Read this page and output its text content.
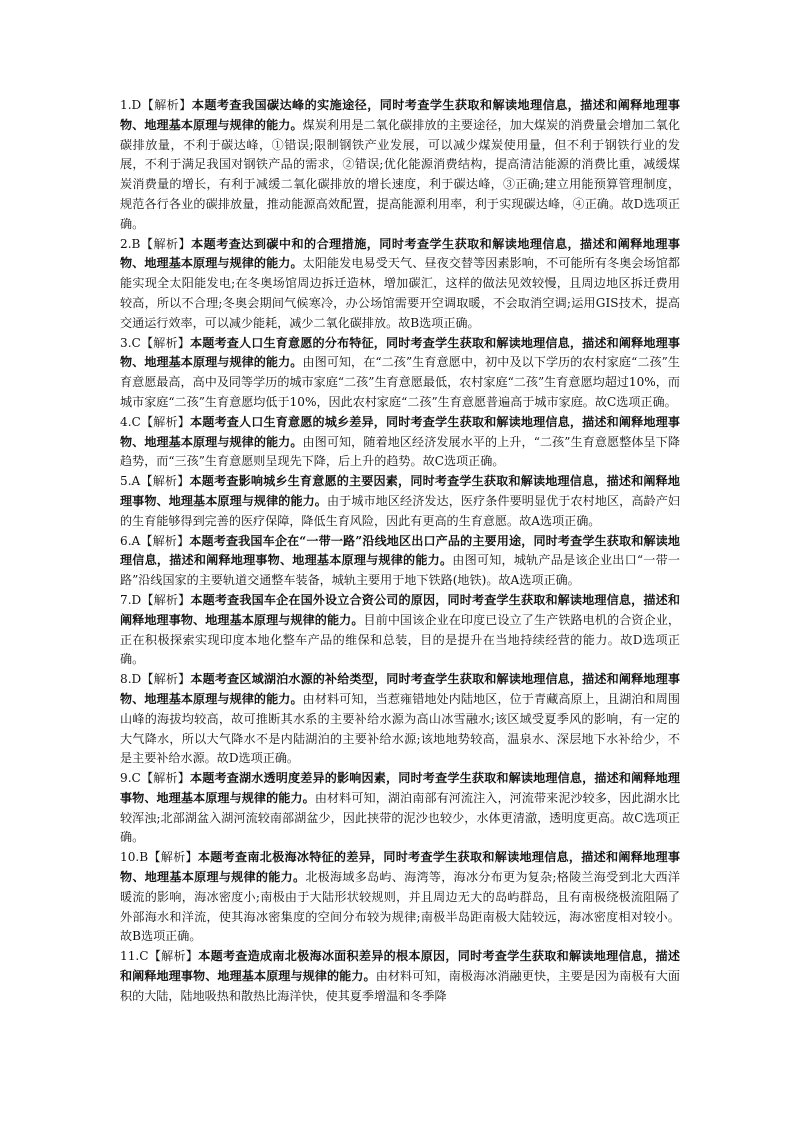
1.D【解析】本题考查我国碳达峰的实施途径，同时考查学生获取和解读地理信息，描述和阐释地理事物、地理基本原理与规律的能力。煤炭利用是二氧化碳排放的主要途径，加大煤炭的消费量会增加二氧化碳排放量，不利于碳达峰，①错误;限制钢铁产业发展，可以减少煤炭使用量，但不利于钢铁行业的发展，不利于满足我国对钢铁产品的需求，②错误;优化能源消费结构，提高清洁能源的消费比重，减缓煤炭消费量的增长，有利于减缓二氧化碳排放的增长速度，利于碳达峰，③正确;建立用能预算管理制度，规范各行各业的碳排放量，推动能源高效配置，提高能源利用率，利于实现碳达峰，④正确。故D选项正确。

2.B【解析】本题考查达到碳中和的合理措施，同时考查学生获取和解读地理信息，描述和阐释地理事物、地理基本原理与规律的能力。太阳能发电易受天气、昼夜交替等因素影响，不可能所有冬奥会场馆都能实现全太阳能发电;在冬奥场馆周边拆迁造林，增加碳汇，这样的做法见效较慢，且周边地区拆迁费用较高，所以不合理;冬奥会期间气候寒冷，办公场馆需要开空调取暖，不会取消空调;运用GIS技术，提高交通运行效率，可以减少能耗，减少二氧化碳排放。故B选项正确。

3.C【解析】本题考查人口生育意愿的分布特征，同时考查学生获取和解读地理信息，描述和阐释地理事物、地理基本原理与规律的能力。由图可知，在“二孩”生育意愿中，初中及以下学历的农村家庭“二孩”生育意愿最高，高中及同等学历的城市家庭“二孩”生育意愿最低，农村家庭“二孩”生育意愿均超过10%，而城市家庭“二孩”生育意愿均低于10%，因此农村家庭“二孩”生育意愿普遍高于城市家庭。故C选项正确。

4.C【解析】本题考查人口生育意愿的城乡差异，同时考查学生获取和解读地理信息，描述和阐释地理事物、地理基本原理与规律的能力。由图可知，随着地区经济发展水平的上升，“二孩”生育意愿整体呈下降趋势，而“三孩”生育意愿则呈现先下降，后上升的趋势。故C选项正确。

5.A【解析】本题考查影响城乡生育意愿的主要因素，同时考查学生获取和解读地理信息，描述和阐释地理事物、地理基本原理与规律的能力。由于城市地区经济发达，医疗条件要明显优于农村地区，高龄产妇的生育能够得到完善的医疗保障，降低生育风险，因此有更高的生育意愿。故A选项正确。

6.A【解析】本题考查我国车企在“一带一路”沿线地区出口产品的主要用途，同时考查学生获取和解读地理信息，描述和阐释地理事物、地理基本原理与规律的能力。由图可知，城轨产品是该企业出口“一带一路”沿线国家的主要轨道交通整车装备，城轨主要用于地下铁路(地铁)。故A选项正确。

7.D【解析】本题考查我国车企在国外设立合资公司的原因，同时考查学生获取和解读地理信息，描述和阐释地理事物、地理基本原理与规律的能力。目前中国该企业在印度已设立了生产铁路电机的合资企业，正在积极探索实现印度本地化整车产品的维保和总装，目的是提升在当地持续经营的能力。故D选项正确。

8.D【解析】本题考查区域湖泊水源的补给类型，同时考查学生获取和解读地理信息，描述和阐释地理事物、地理基本原理与规律的能力。由材料可知，当惹雍错地处内陆地区，位于青藏高原上，且湖泊和周围山峰的海拔均较高，故可推断其水系的主要补给水源为高山冰雪融水;该区域受夏季风的影响，有一定的大气降水，所以大气降水不是内陆湖泊的主要补给水源;该地地势较高，温泉水、深层地下水补给少，不是主要补给水源。故D选项正确。

9.C【解析】本题考查湖水透明度差异的影响因素，同时考查学生获取和解读地理信息，描述和阐释地理事物、地理基本原理与规律的能力。由材料可知，湖泊南部有河流注入，河流带来泥沙较多，因此湖水比较浑浊;北部湖盆入湖河流较南部湖盆少，因此挟带的泥沙也较少，水体更清澈，透明度更高。故C选项正确。

10.B【解析】本题考查南北极海冰特征的差异，同时考查学生获取和解读地理信息，描述和阐释地理事物、地理基本原理与规律的能力。北极海域多岛屿、海湾等，海冰分布更为复杂;格陵兰海受到北大西洋暖流的影响，海冰密度小;南极由于大陆形状较规则，并且周边无大的岛屿群岛，且有南极绕极流阻隔了外部海水和洋流，使其海冰密集度的空间分布较为规律;南极半岛距南极大陆较远，海冰密度相对较小。故B选项正确。

11.C【解析】本题考查造成南北极海冰面积差异的根本原因，同时考查学生获取和解读地理信息，描述和阐释地理事物、地理基本原理与规律的能力。由材料可知，南极海冰消融更快，主要是因为南极有大面积的大陆，陆地吸热和散热比海洋快，使其夏季增温和冬季降
